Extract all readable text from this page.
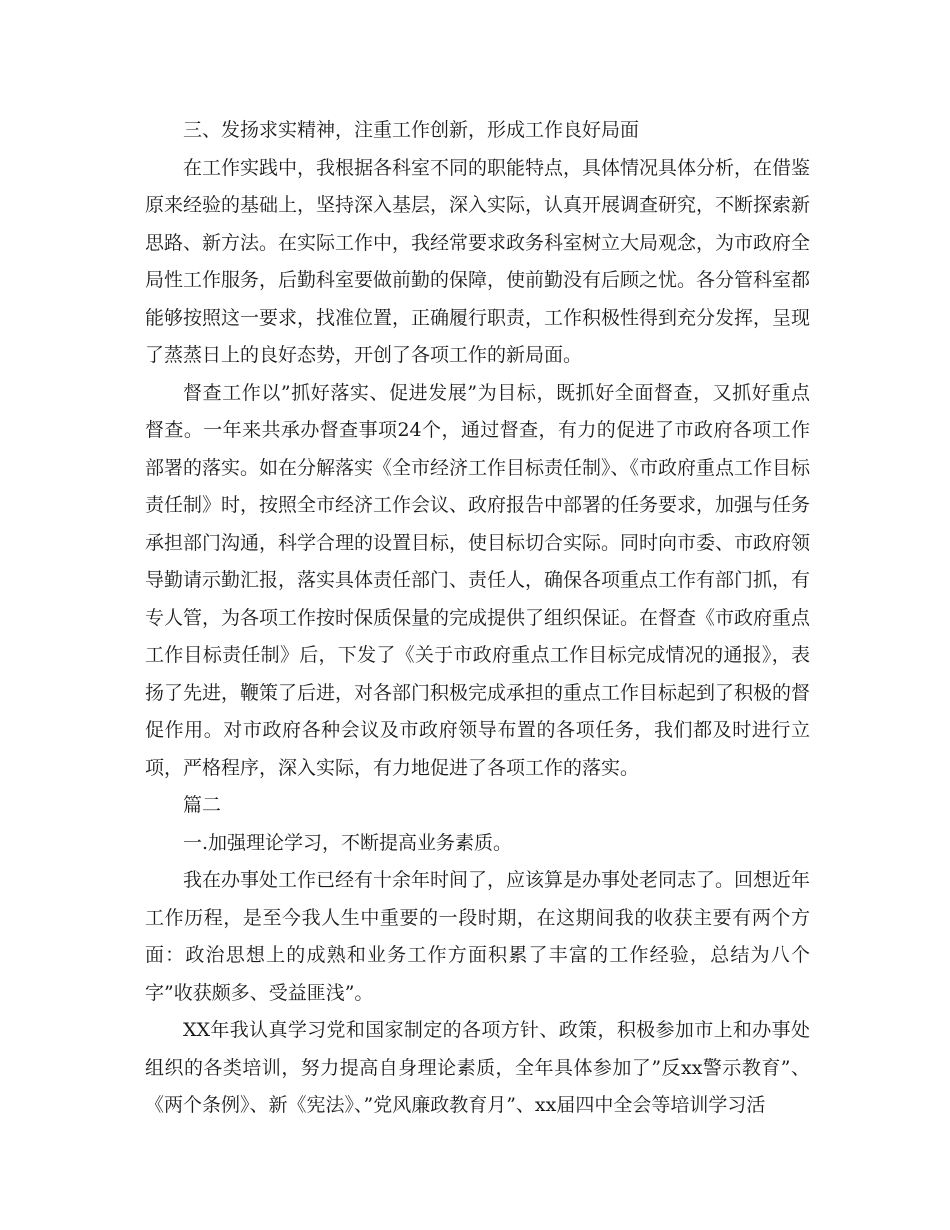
三、发扬求实精神，注重工作创新，形成工作良好局面

在工作实践中，我根据各科室不同的职能特点，具体情况具体分析，在借鉴原来经验的基础上，坚持深入基层，深入实际，认真开展调查研究，不断探索新思路、新方法。在实际工作中，我经常要求政务科室树立大局观念，为市政府全局性工作服务，后勤科室要做前勤的保障，使前勤没有后顾之忧。各分管科室都能够按照这一要求，找准位置，正确履行职责，工作积极性得到充分发挥，呈现了蒸蒸日上的良好态势，开创了各项工作的新局面。

督查工作以”抓好落实、促进发展”为目标，既抓好全面督查，又抓好重点督查。一年来共承办督查事项24个，通过督查，有力的促进了市政府各项工作部署的落实。如在分解落实《全市经济工作目标责任制》、《市政府重点工作目标责任制》时，按照全市经济工作会议、政府报告中部署的任务要求，加强与任务承担部门沟通，科学合理的设置目标，使目标切合实际。同时向市委、市政府领导勤请示勤汇报，落实具体责任部门、责任人，确保各项重点工作有部门抓，有专人管，为各项工作按时保质保量的完成提供了组织保证。在督查《市政府重点工作目标责任制》后，下发了《关于市政府重点工作目标完成情况的通报》，表扬了先进，鞭策了后进，对各部门积极完成承担的重点工作目标起到了积极的督促作用。对市政府各种会议及市政府领导布置的各项任务，我们都及时进行立项，严格程序，深入实际，有力地促进了各项工作的落实。

篇二

一.加强理论学习，不断提高业务素质。

我在办事处工作已经有十余年时间了，应该算是办事处老同志了。回想近年工作历程，是至今我人生中重要的一段时期，在这期间我的收获主要有两个方面：政治思想上的成熟和业务工作方面积累了丰富的工作经验，总结为八个字”收获颇多、受益匪浅”。

XX年我认真学习党和国家制定的各项方针、政策，积极参加市上和办事处组织的各类培训，努力提高自身理论素质，全年具体参加了”反xx警示教育”、《两个条例》、新《宪法》、”党风廉政教育月”、xx届四中全会等培训学习活
